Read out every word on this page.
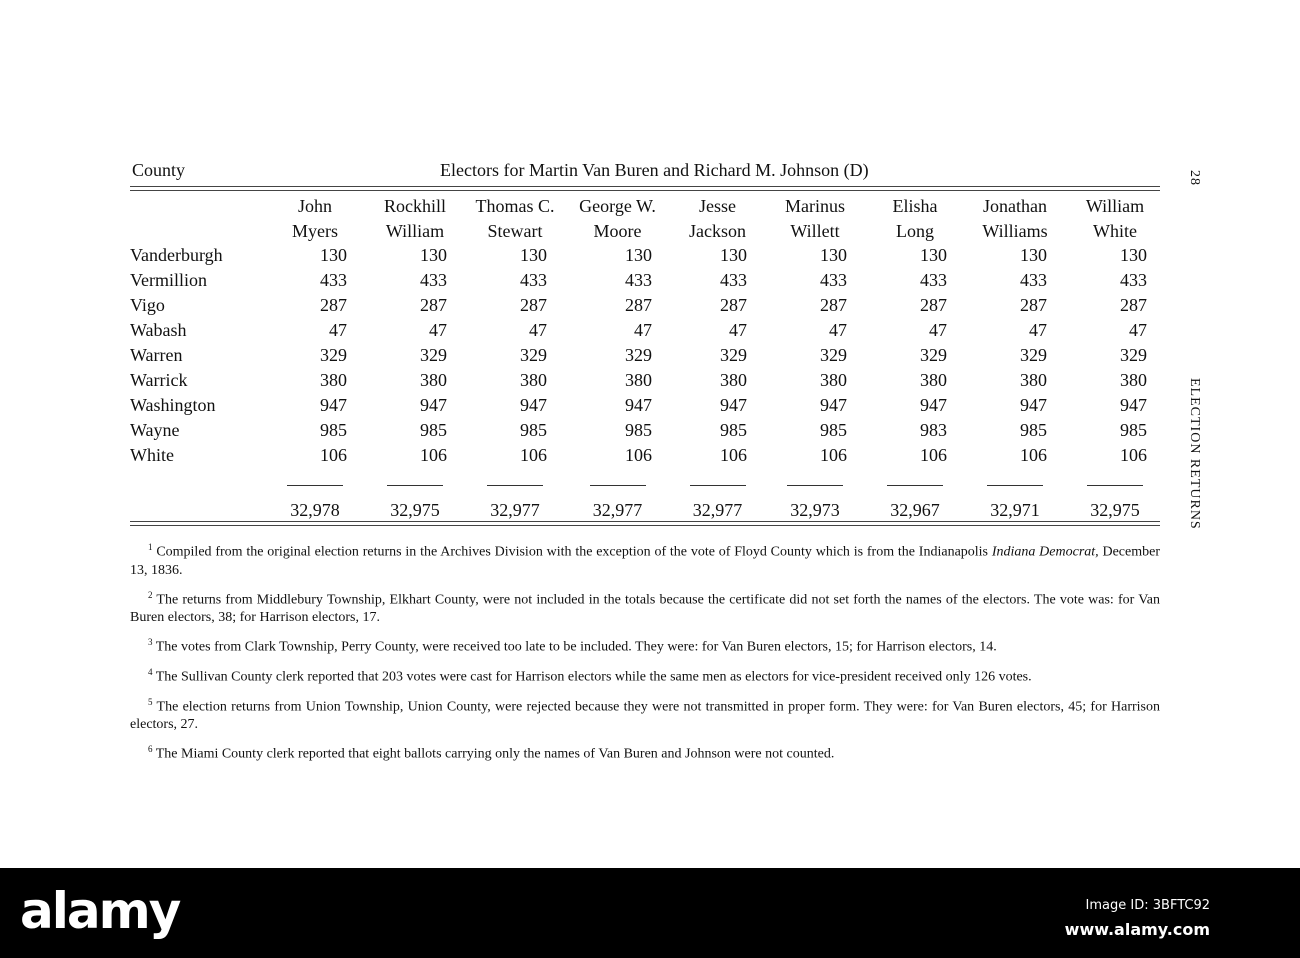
County	Electors for Martin Van Buren and Richard M. Johnson (D)	28
ELECTION RETURNS
	John	Rockhill	Thomas C.	George W.	Jesse	Marinus	Elisha	Jonathan	William
	Myers	William	Stewart	Moore	Jackson	Willett	Long	Williams	White
Vanderburgh	130	130	130	130	130	130	130	130	130
Vermillion	433	433	433	433	433	433	433	433	433
Vigo	287	287	287	287	287	287	287	287	287
Wabash	47	47	47	47	47	47	47	47	47
Warren	329	329	329	329	329	329	329	329	329
Warrick	380	380	380	380	380	380	380	380	380
Washington	947	947	947	947	947	947	947	947	947
Wayne	985	985	985	985	985	985	983	985	985
White	106	106	106	106	106	106	106	106	106

	32,978	32,975	32,977	32,977	32,977	32,973	32,967	32,971	32,975

$^1$ Compiled from the original election returns in the Archives Division with the exception of the vote of Floyd County which is from the Indianapolis Indiana Democrat, December 13, 1836.

$^2$ The returns from Middlebury Township, Elkhart County, were not included in the totals because the certificate did not set forth the names of the electors. The vote was: for Van Buren electors, 38; for Harrison electors, 17.

$^3$ The votes from Clark Township, Perry County, were received too late to be included. They were: for Van Buren electors, 15; for Harrison electors, 14.

$^4$ The Sullivan County clerk reported that 203 votes were cast for Harrison electors while the same men as electors for vice-president received only 126 votes.

$^5$ The election returns from Union Township, Union County, were rejected because they were not transmitted in proper form. They were: for Van Buren electors, 45; for Harrison electors, 27.

$^6$ The Miami County clerk reported that eight ballots carrying only the names of Van Buren and Johnson were not counted.

alamy	Image ID: 3BFTC92
www.alamy.com
